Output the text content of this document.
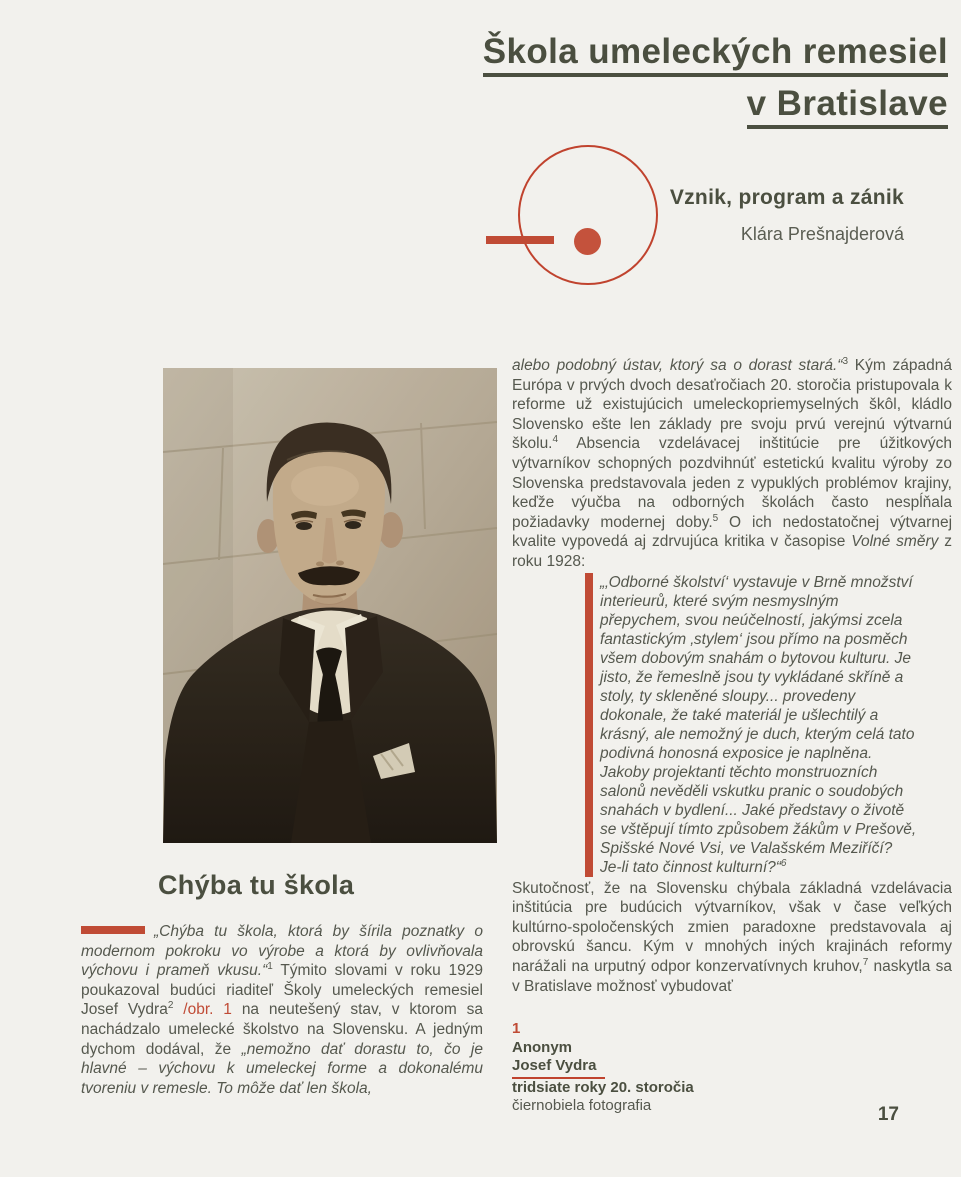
Škola umeleckých remesiel
v Bratislave
Vznik, program a zánik
Klára Prešnajderová
Chýba tu škola

„Chýba tu škola, ktorá by šírila poznatky o modernom pokroku vo výrobe a ktorá by ovlivňovala výchovu i prameň vkusu.“$^1$ Týmito slovami v roku 1929 poukazoval budúci riaditeľ Školy umeleckých remesiel Josef Vydra$^2$ /obr. 1 na neutešený stav, v ktorom sa nachádzalo umelecké školstvo na Slovensku. A jedným dychom dodával, že „nemožno dať dorastu to, čo je hlavné – výchovu k umeleckej forme a dokonalému tvoreniu v remesle. To môže dať len škola,

alebo podobný ústav, ktorý sa o dorast stará.“$^3$ Kým západná Európa v prvých dvoch desaťročiach 20. storočia pristupovala k reforme už existujúcich umeleckopriemyselných škôl, kládlo Slovensko ešte len základy pre svoju prvú verejnú výtvarnú školu.$^4$ Absencia vzdelávacej inštitúcie pre úžitkových výtvarníkov schopných pozdvihnúť estetickú kvalitu výroby zo Slovenska predstavovala jeden z vypuklých problémov krajiny, keďže výučba na odborných školách často nespĺňala požiadavky modernej doby.$^5$ O ich nedostatočnej výtvarnej kvalite vypovedá aj zdrvujúca kritika v časopise Volné směry z roku 1928:

„‚Odborné školství‘ vystavuje v Brně množství interieurů, které svým nesmyslným přepychem, svou neúčelností, jakýmsi zcela fantastickým ‚stylem‘ jsou přímo na posměch všem dobovým snahám o bytovou kulturu. Je jisto, že řemeslně jsou ty vykládané skříně a stoly, ty skleněné sloupy... provedeny dokonale, že také materiál je ušlechtilý a krásný, ale nemožný je duch, kterým celá tato podivná honosná exposice je naplněna. Jakoby projektanti těchto monstruozních salonů nevěděli vskutku pranic o soudobých snahách v bydlení... Jaké představy o životě se vštěpují tímto způsobem žákům v Prešově, Spišské Nové Vsi, ve Valašském Meziříčí? Je-li tato činnost kulturní?“$^6$

Skutočnosť, že na Slovensku chýbala základná vzdelávacia inštitúcia pre budúcich výtvarníkov, však v čase veľkých kultúrno-spoločenských zmien paradoxne predstavovala aj obrovskú šancu. Kým v mnohých iných krajinách reformy narážali na urputný odpor konzervatívnych kruhov,$^7$ naskytla sa v Bratislave možnosť vybudovať

1
Anonym
Josef Vydra
tridsiate roky 20. storočia
čiernobiela fotografia	17
